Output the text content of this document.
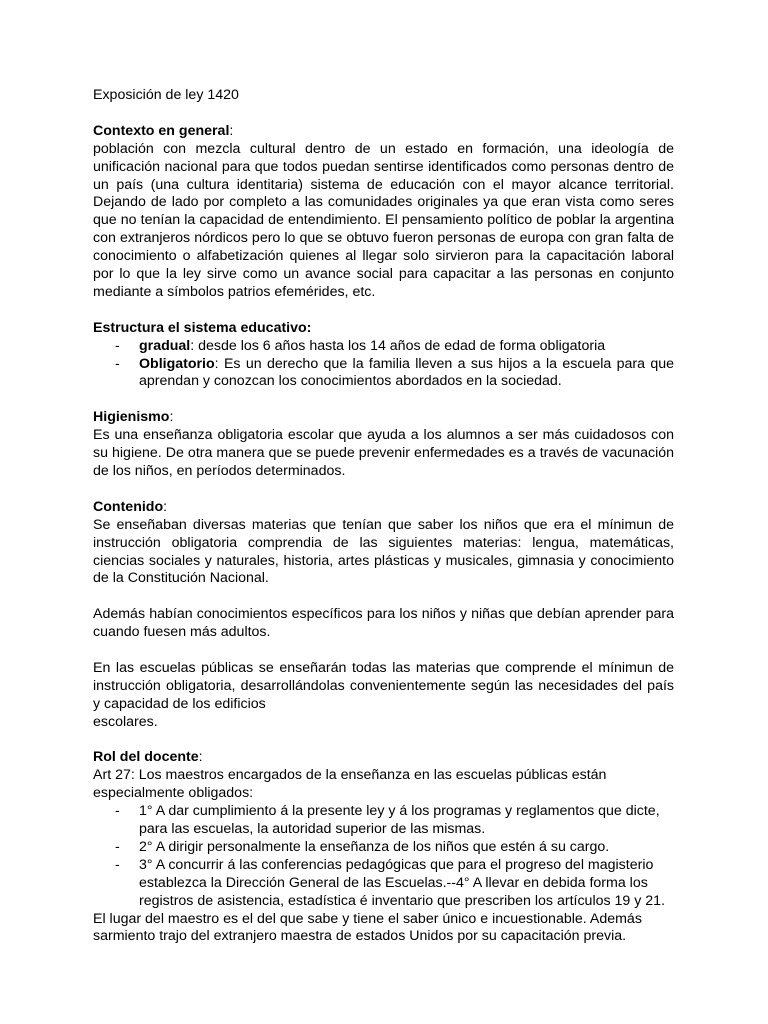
Exposición de ley 1420

Contexto en general:

población con mezcla cultural dentro de un estado en formación, una ideología de unificación nacional para que todos puedan sentirse identificados como personas dentro de un país (una cultura identitaria) sistema de educación con el mayor alcance territorial. Dejando de lado por completo a las comunidades originales ya que eran vista como seres que no tenían la capacidad de entendimiento. El pensamiento político de poblar la argentina con extranjeros nórdicos pero lo que se obtuvo fueron personas de europa con gran falta de conocimiento o alfabetización quienes al llegar solo sirvieron para la capacitación laboral por lo que la ley sirve como un avance social para capacitar a las personas en conjunto mediante a símbolos patrios efemérides, etc.

Estructura el sistema educativo:

- gradual: desde los 6 años hasta los 14 años de edad de forma obligatoria
- Obligatorio: Es un derecho que la familia lleven a sus hijos a la escuela para que aprendan y conozcan los conocimientos abordados en la sociedad.

Higienismo:

Es una enseñanza obligatoria escolar que ayuda a los alumnos a ser más cuidadosos con su higiene. De otra manera que se puede prevenir enfermedades es a través de vacunación de los niños, en períodos determinados.

Contenido:

Se enseñaban diversas materias que tenían que saber los niños que era el mínimun de instrucción obligatoria comprendia de las siguientes materias: lengua, matemáticas, ciencias sociales y naturales, historia, artes plásticas y musicales, gimnasia y conocimiento de la Constitución Nacional.

Además habían conocimientos específicos para los niños y niñas que debían aprender para cuando fuesen más adultos.

En las escuelas públicas se enseñarán todas las materias que comprende el mínimun de instrucción obligatoria, desarrollándolas convenientemente según las necesidades del país y capacidad de los edificios

escolares.

Rol del docente:

Art 27: Los maestros encargados de la enseñanza en las escuelas públicas están especialmente obligados:

- 1° A dar cumplimiento á la presente ley y á los programas y reglamentos que dicte, para las escuelas, la autoridad superior de las mismas.
- 2° A dirigir personalmente la enseñanza de los niños que estén á su cargo.
- 3° A concurrir á las conferencias pedagógicas que para el progreso del magisterio establezca la Dirección General de las Escuelas.--4° A llevar en debida forma los registros de asistencia, estadística é inventario que prescriben los artículos 19 y 21.

El lugar del maestro es el del que sabe y tiene el saber único e incuestionable. Además sarmiento trajo del extranjero maestra de estados Unidos por su capacitación previa.
